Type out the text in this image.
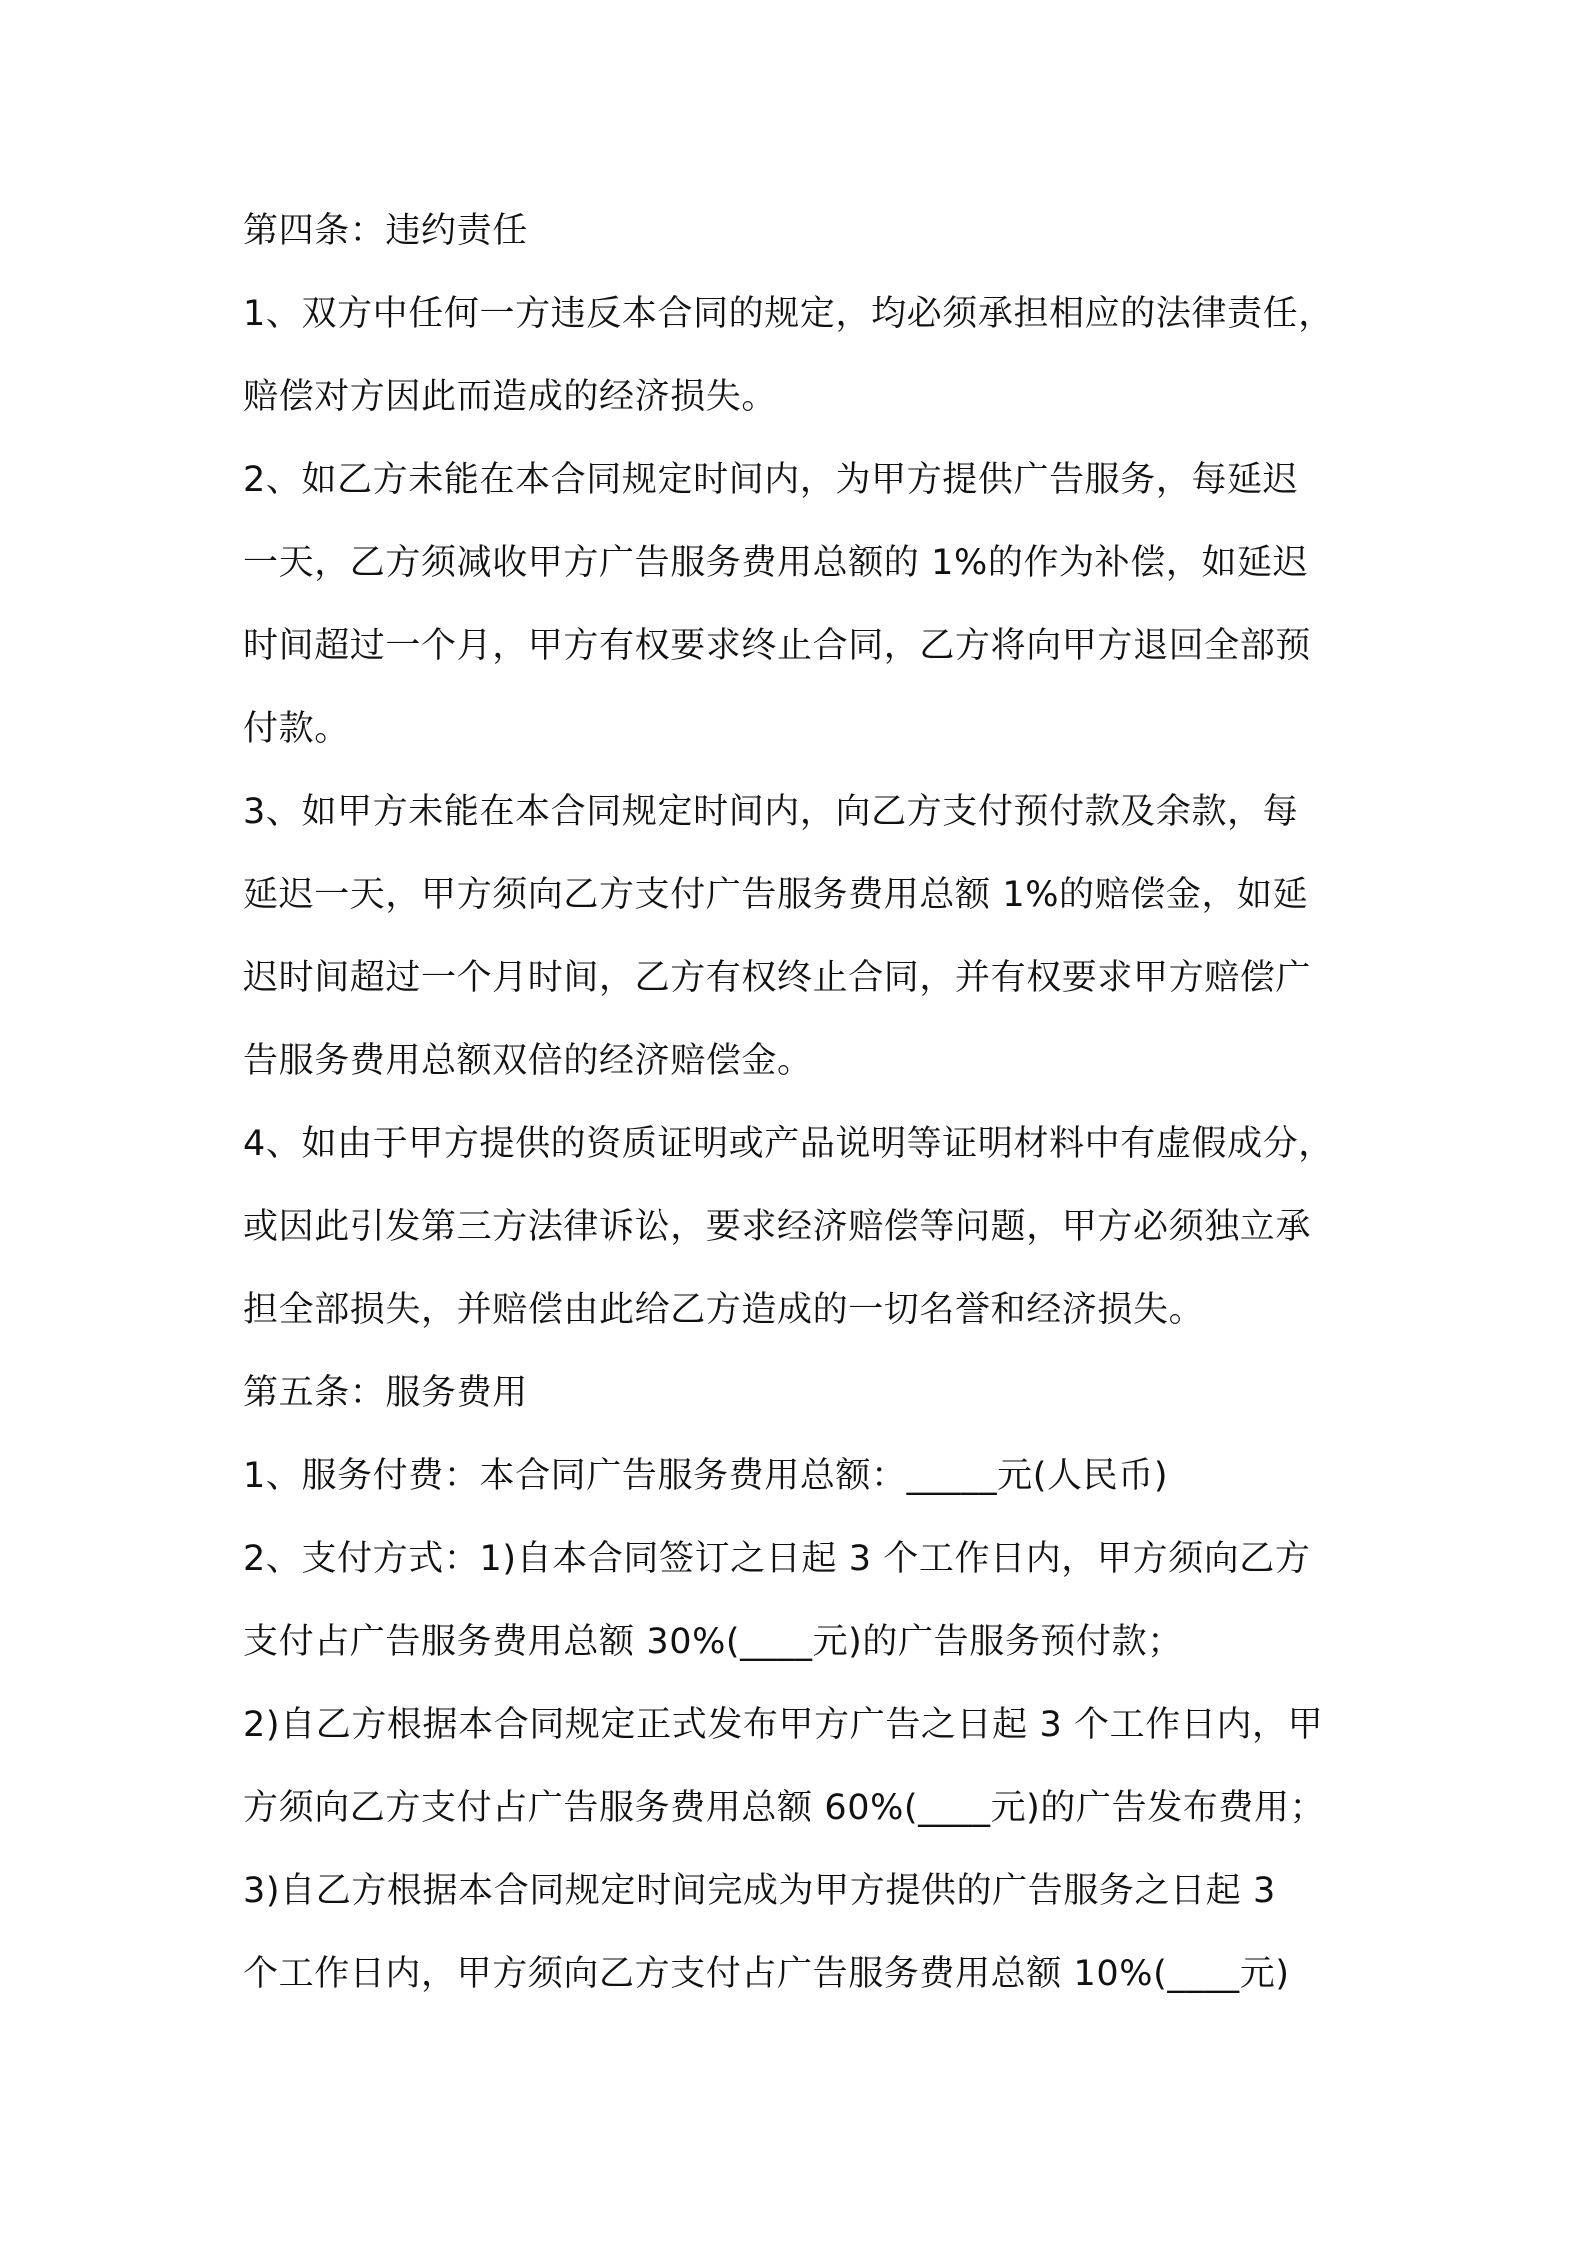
第四条：违约责任
1、双方中任何一方违反本合同的规定，均必须承担相应的法律责任，
赔偿对方因此而造成的经济损失。
2、如乙方未能在本合同规定时间内，为甲方提供广告服务，每延迟
一天，乙方须减收甲方广告服务费用总额的 1%的作为补偿，如延迟
时间超过一个月，甲方有权要求终止合同，乙方将向甲方退回全部预
付款。
3、如甲方未能在本合同规定时间内，向乙方支付预付款及余款，每
延迟一天，甲方须向乙方支付广告服务费用总额 1%的赔偿金，如延
迟时间超过一个月时间，乙方有权终止合同，并有权要求甲方赔偿广
告服务费用总额双倍的经济赔偿金。
4、如由于甲方提供的资质证明或产品说明等证明材料中有虚假成分，
或因此引发第三方法律诉讼，要求经济赔偿等问题，甲方必须独立承
担全部损失，并赔偿由此给乙方造成的一切名誉和经济损失。
第五条：服务费用
1、服务付费：本合同广告服务费用总额：_____元(人民币)
2、支付方式：1)自本合同签订之日起 3 个工作日内，甲方须向乙方
支付占广告服务费用总额 30%(____元)的广告服务预付款；
2)自乙方根据本合同规定正式发布甲方广告之日起 3 个工作日内，甲
方须向乙方支付占广告服务费用总额 60%(____元)的广告发布费用；
3)自乙方根据本合同规定时间完成为甲方提供的广告服务之日起 3
个工作日内，甲方须向乙方支付占广告服务费用总额 10%(____元)
